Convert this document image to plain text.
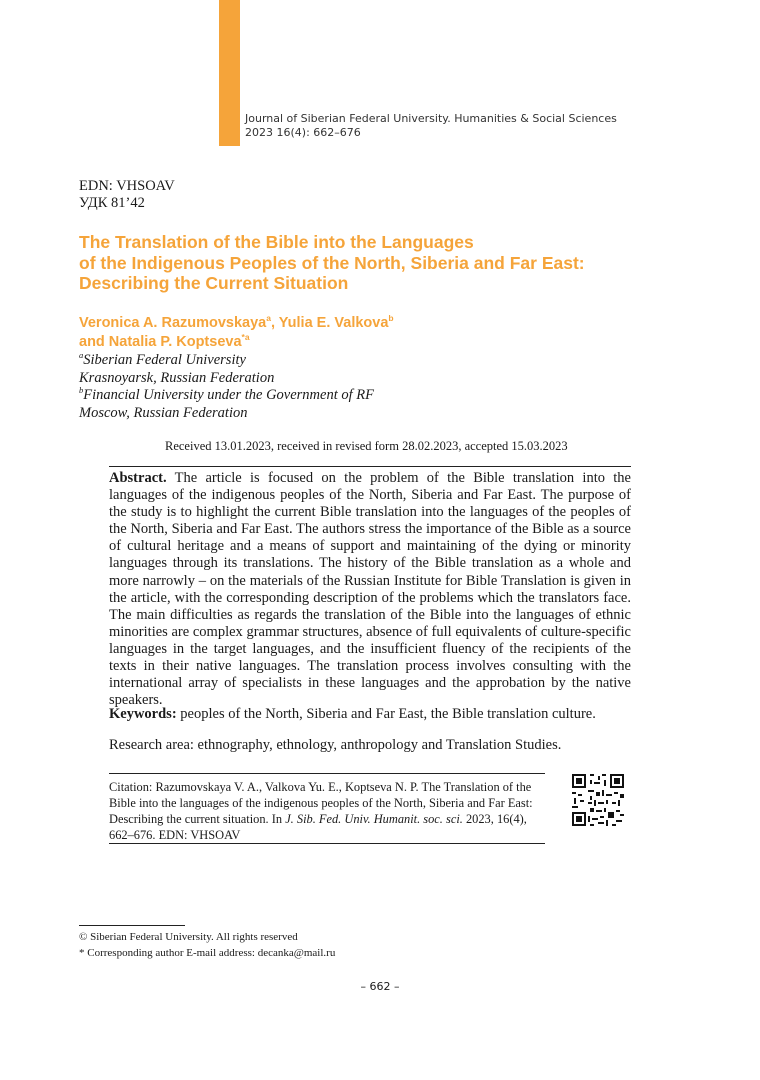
Journal of Siberian Federal University. Humanities & Social Sciences
2023 16(4): 662–676
EDN: VHSOAV
УДК 81’42
The Translation of the Bible into the Languages
of the Indigenous Peoples of the North, Siberia and Far East:
Describing the Current Situation
Veronica A. Razumovskaya$^a$, Yulia E. Valkova$^b$
and Natalia P. Koptseva$^{*a}$
$^a$Siberian Federal University
Krasnoyarsk, Russian Federation
$^b$Financial University under the Government of RF
Moscow, Russian Federation
Received 13.01.2023, received in revised form 28.02.2023, accepted 15.03.2023

Abstract. The article is focused on the problem of the Bible translation into the languages of the indigenous peoples of the North, Siberia and Far East. The purpose of the study is to highlight the current Bible translation into the languages of the peoples of the North, Siberia and Far East. The authors stress the importance of the Bible as a source of cultural heritage and a means of support and maintaining of the dying or minority languages through its translations. The history of the Bible translation as a whole and more narrowly – on the materials of the Russian Institute for Bible Translation is given in the article, with the corresponding description of the problems which the translators face. The main difficulties as regards the translation of the Bible into the languages of ethnic minorities are complex grammar structures, absence of full equivalents of culture-specific languages in the target languages, and the insufficient fluency of the recipients of the texts in their native languages. The translation process involves consulting with the international array of specialists in these languages and the approbation by the native speakers.

Keywords: peoples of the North, Siberia and Far East, the Bible translation culture.

Research area: ethnography, ethnology, anthropology and Translation Studies.

Citation: Razumovskaya V. A., Valkova Yu. E., Koptseva N. P. The Translation of the Bible into the languages of the indigenous peoples of the North, Siberia and Far East: Describing the current situation. In J. Sib. Fed. Univ. Humanit. soc. sci. 2023, 16(4), 662–676. EDN: VHSOAV

© Siberian Federal University. All rights reserved
* Corresponding author E-mail address: decanka@mail.ru
– 662 –
